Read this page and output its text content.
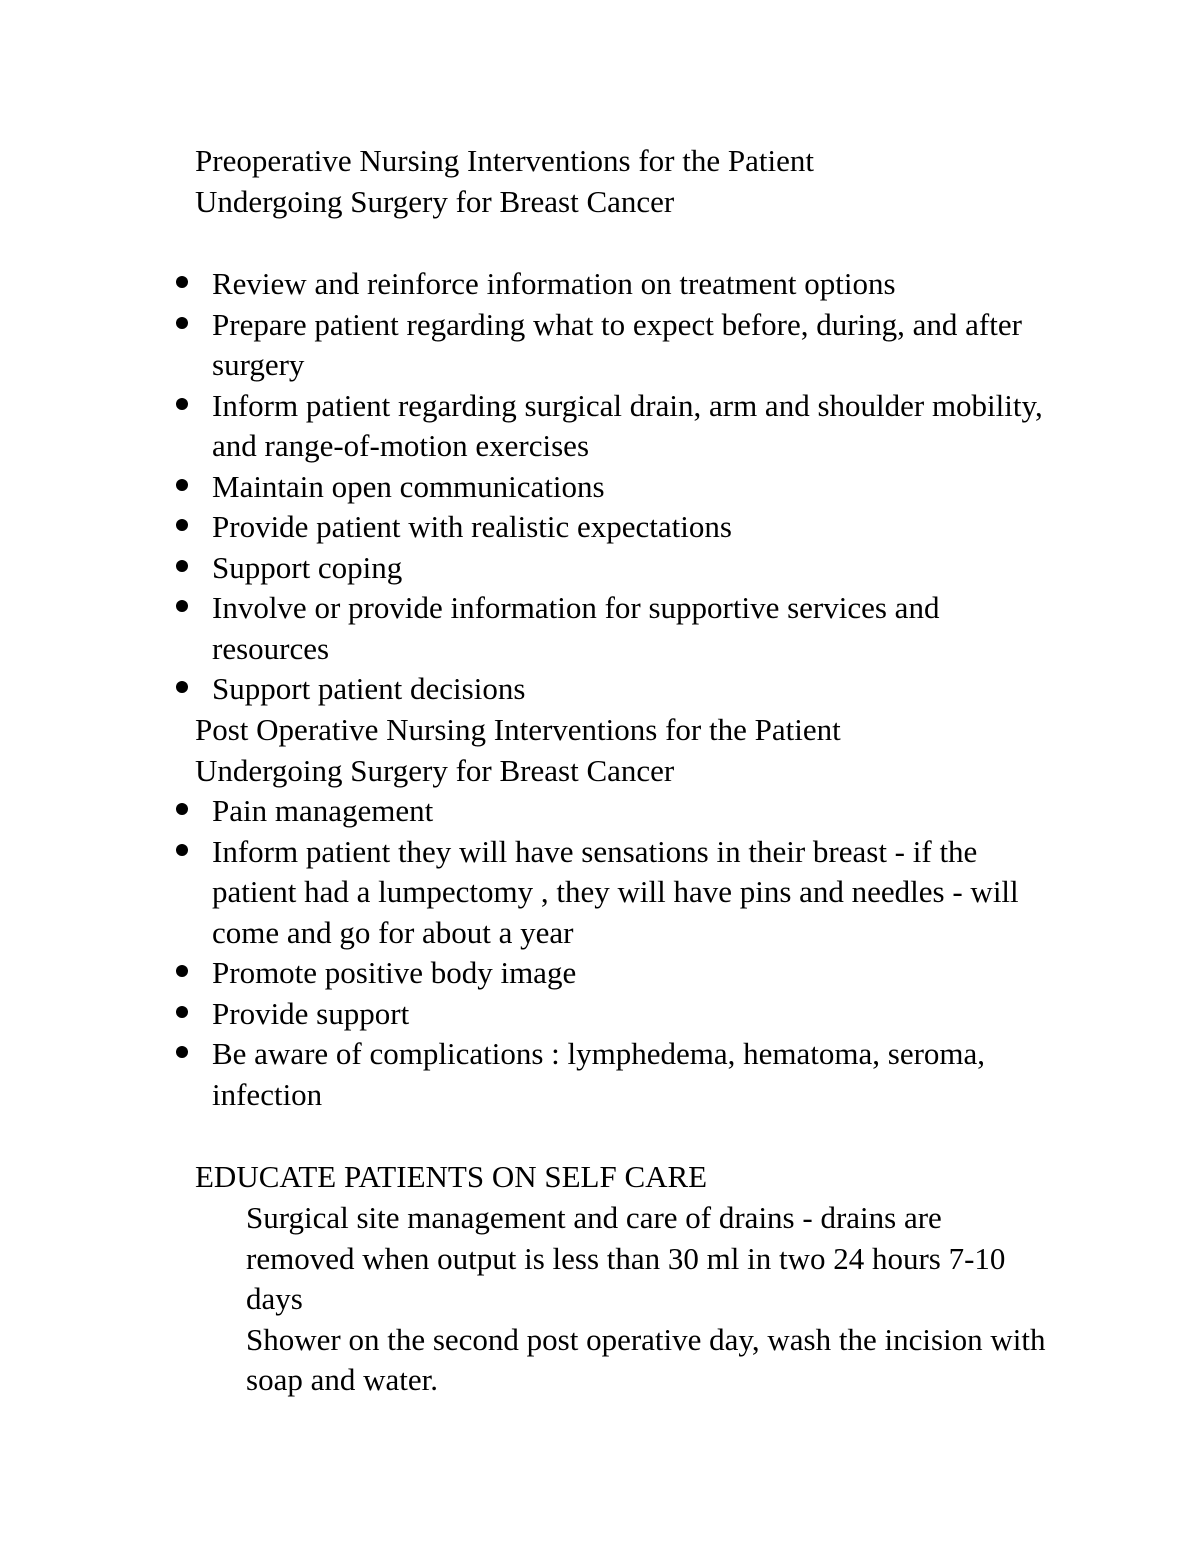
Preoperative Nursing Interventions for the Patient
Undergoing Surgery for Breast Cancer
Review and reinforce information on treatment options
Prepare patient regarding what to expect before, during, and after surgery
Inform patient regarding surgical drain, arm and shoulder mobility, and range-of-motion exercises
Maintain open communications
Provide patient with realistic expectations
Support coping
Involve or provide information for supportive services and resources
Support patient decisions
Post Operative Nursing Interventions for the Patient
Undergoing Surgery for Breast Cancer
Pain management
Inform patient they will have sensations in their breast - if the patient had a lumpectomy , they will have pins and needles - will come and go for about a year
Promote positive body image
Provide support
Be aware of complications : lymphedema, hematoma, seroma, infection
EDUCATE PATIENTS ON SELF CARE
Surgical site management and care of drains - drains are removed when output is less than 30 ml in two 24 hours 7-10 days
Shower on the second post operative day, wash the incision with soap and water.
